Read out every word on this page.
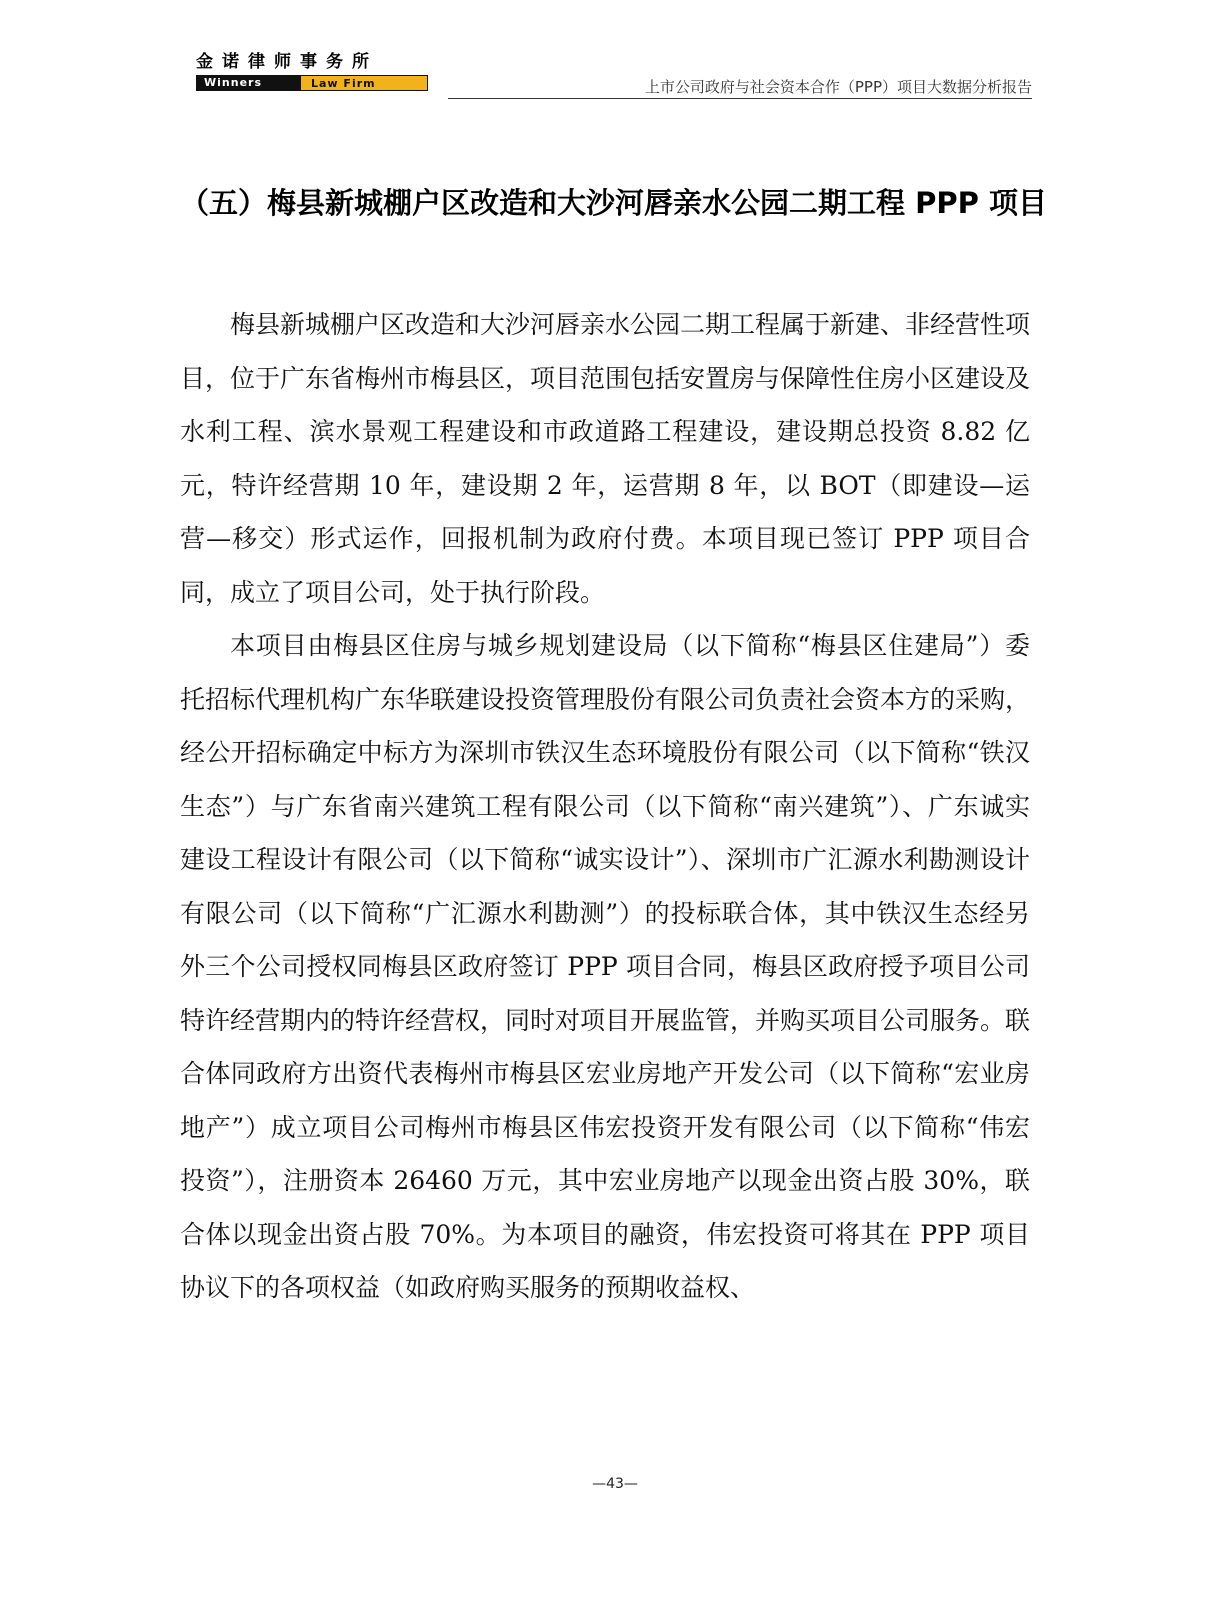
金诺律师事务所
Winners	Law Firm	上市公司政府与社会资本合作（PPP）项目大数据分析报告
（五）梅县新城棚户区改造和大沙河唇亲水公园二期工程 PPP 项目

梅县新城棚户区改造和大沙河唇亲水公园二期工程属于新建、非经营性项目，位于广东省梅州市梅县区，项目范围包括安置房与保障性住房小区建设及水利工程、滨水景观工程建设和市政道路工程建设，建设期总投资 8.82 亿元，特许经营期 10 年，建设期 2 年，运营期 8 年，以 BOT（即建设—运营—移交）形式运作，回报机制为政府付费。本项目现已签订 PPP 项目合同，成立了项目公司，处于执行阶段。

本项目由梅县区住房与城乡规划建设局（以下简称“梅县区住建局”）委托招标代理机构广东华联建设投资管理股份有限公司负责社会资本方的采购，经公开招标确定中标方为深圳市铁汉生态环境股份有限公司（以下简称“铁汉生态”）与广东省南兴建筑工程有限公司（以下简称“南兴建筑”）、广东诚实建设工程设计有限公司（以下简称“诚实设计”）、深圳市广汇源水利勘测设计有限公司（以下简称“广汇源水利勘测”）的投标联合体，其中铁汉生态经另外三个公司授权同梅县区政府签订 PPP 项目合同，梅县区政府授予项目公司特许经营期内的特许经营权，同时对项目开展监管，并购买项目公司服务。联合体同政府方出资代表梅州市梅县区宏业房地产开发公司（以下简称“宏业房地产”）成立项目公司梅州市梅县区伟宏投资开发有限公司（以下简称“伟宏投资”），注册资本 26460 万元，其中宏业房地产以现金出资占股 30%，联合体以现金出资占股 70%。为本项目的融资，伟宏投资可将其在 PPP 项目协议下的各项权益（如政府购买服务的预期收益权、

—43—
